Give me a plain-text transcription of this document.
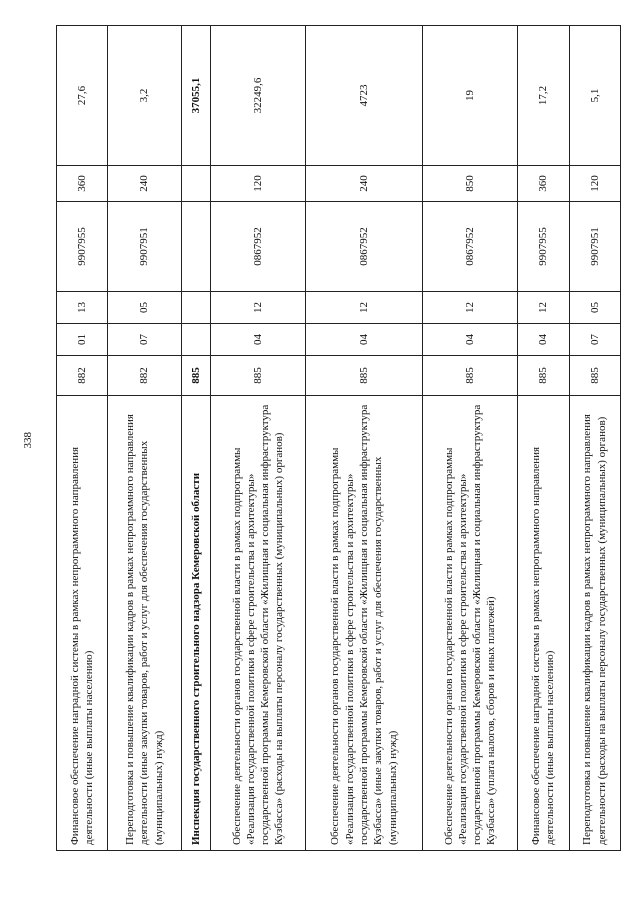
338
Финансовое обеспечение наградной системы в рамках непрограммного направления деятельности (иные выплаты населению)	882	01	13	9907955	360	27,6
Переподготовка и повышение квалификации кадров в рамках непрограммного направления деятельности (иные закупки товаров, работ и услуг для обеспечения государственных (муниципальных) нужд)	882	07	05	9907951	240	3,2
Инспекция государственного строительного надзора Кемеровской области	885					37055,1
Обеспечение деятельности органов государственной власти в рамках подпрограммы «Реализация государственной политики в сфере строительства и архитектуры» государственной программы Кемеровской области «Жилищная и социальная инфраструктура Кузбасса» (расходы на выплаты персоналу государственных (муниципальных) органов)	885	04	12	0867952	120	32249,6
Обеспечение деятельности органов государственной власти в рамках подпрограммы «Реализация государственной политики в сфере строительства и архитектуры» государственной программы Кемеровской области «Жилищная и социальная инфраструктура Кузбасса» (иные закупки товаров, работ и услуг для обеспечения государственных (муниципальных) нужд)	885	04	12	0867952	240	4723
Обеспечение деятельности органов государственной власти в рамках подпрограммы «Реализация государственной политики в сфере строительства и архитектуры» государственной программы Кемеровской области «Жилищная и социальная инфраструктура Кузбасса» (уплата налогов, сборов и иных платежей)	885	04	12	0867952	850	19
Финансовое обеспечение наградной системы в рамках непрограммного направления деятельности (иные выплаты населению)	885	04	12	9907955	360	17,2
Переподготовка и повышение квалификации кадров в рамках непрограммного направления деятельности (расходы на выплаты персоналу государственных (муниципальных) органов)	885	07	05	9907951	120	5,1
